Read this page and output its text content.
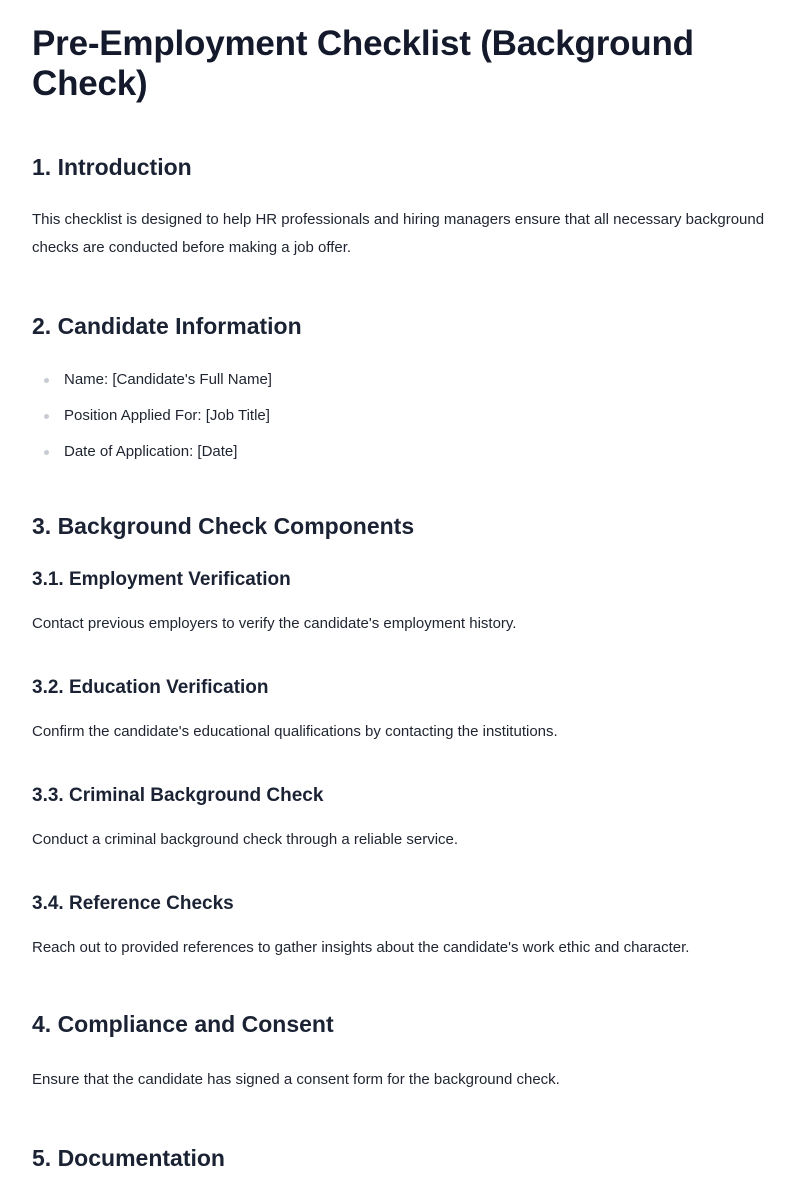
Pre-Employment Checklist (Background Check)
1. Introduction

This checklist is designed to help HR professionals and hiring managers ensure that all necessary background checks are conducted before making a job offer.

2. Candidate Information
Name: [Candidate's Full Name]
Position Applied For: [Job Title]
Date of Application: [Date]
3. Background Check Components
3.1. Employment Verification

Contact previous employers to verify the candidate's employment history.

3.2. Education Verification

Confirm the candidate's educational qualifications by contacting the institutions.

3.3. Criminal Background Check

Conduct a criminal background check through a reliable service.

3.4. Reference Checks

Reach out to provided references to gather insights about the candidate's work ethic and character.

4. Compliance and Consent

Ensure that the candidate has signed a consent form for the background check.

5. Documentation
